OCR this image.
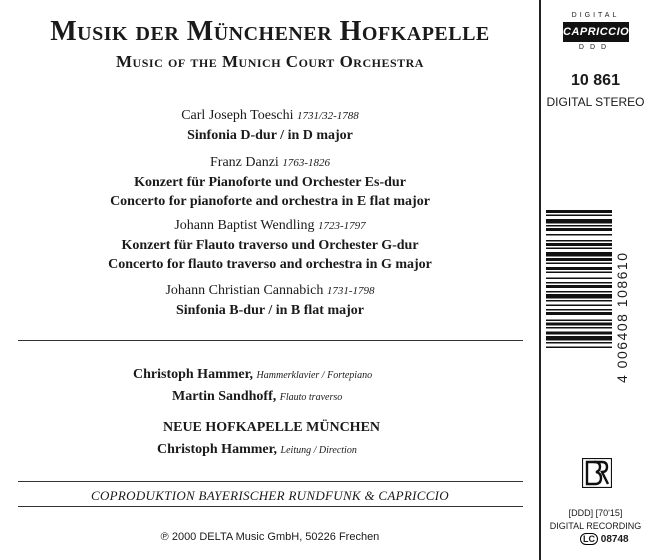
Musik der Münchener Hofkapelle
Music of the Munich Court Orchestra
Carl Joseph Toeschi 1731/32-1788
Sinfonia D-dur / in D major
Franz Danzi 1763-1826
Konzert für Pianoforte und Orchester Es-dur
Concerto for pianoforte and orchestra in E flat major
Johann Baptist Wendling 1723-1797
Konzert für Flauto traverso und Orchester G-dur
Concerto for flauto traverso and orchestra in G major
Johann Christian Cannabich 1731-1798
Sinfonia B-dur / in B flat major
Christoph Hammer, Hammerklavier / Fortepiano
Martin Sandhoff, Flauto traverso
NEUE HOFKAPELLE MÜNCHEN
Christoph Hammer, Leitung / Direction
COPRODUKTION BAYERISCHER RUNDFUNK & CAPRICCIO
℗ 2000 DELTA Music GmbH, 50226 Frechen
DIGITAL
CAPRICCIO
DDD
10 861
DIGITAL STEREO
4 006408 108610
[DDD] [70'15]
DIGITAL RECORDING
LC 08748
